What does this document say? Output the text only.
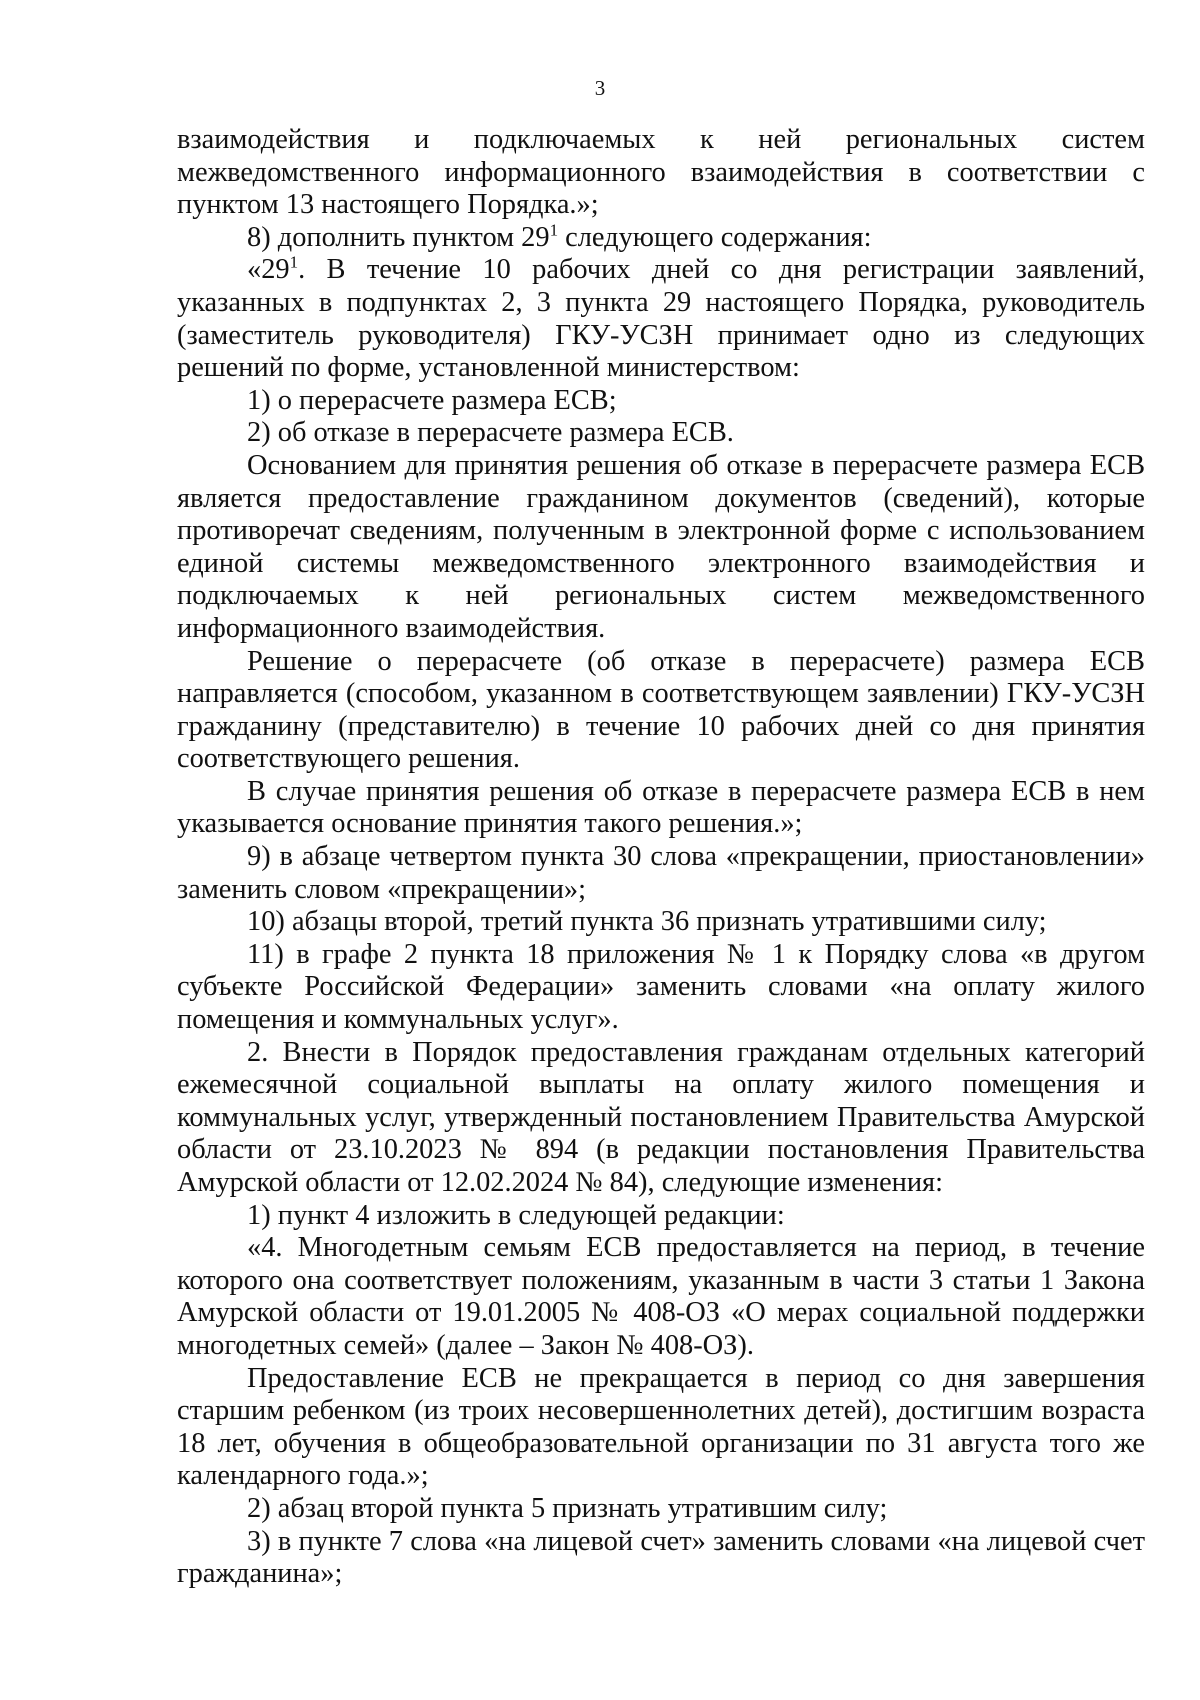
3

взаимодействия и подключаемых к ней региональных систем межведомственного информационного взаимодействия в соответствии с пунктом 13 настоящего Порядка.»;

8) дополнить пунктом $29^1$ следующего содержания:

«$29^1$. В течение 10 рабочих дней со дня регистрации заявлений, указанных в подпунктах 2, 3 пункта 29 настоящего Порядка, руководитель (заместитель руководителя) ГКУ-УСЗН принимает одно из следующих решений по форме, установленной министерством:

1) о перерасчете размера ЕСВ;

2) об отказе в перерасчете размера ЕСВ.

Основанием для принятия решения об отказе в перерасчете размера ЕСВ является предоставление гражданином документов (сведений), которые противоречат сведениям, полученным в электронной форме с использованием единой системы межведомственного электронного взаимодействия и подключаемых к ней региональных систем межведомственного информационного взаимодействия.

Решение о перерасчете (об отказе в перерасчете) размера ЕСВ направляется (способом, указанном в соответствующем заявлении) ГКУ-УСЗН гражданину (представителю) в течение 10 рабочих дней со дня принятия соответствующего решения.

В случае принятия решения об отказе в перерасчете размера ЕСВ в нем указывается основание принятия такого решения.»;

9) в абзаце четвертом пункта 30 слова «прекращении, приостановлении» заменить словом «прекращении»;

10) абзацы второй, третий пункта 36 признать утратившими силу;

11) в графе 2 пункта 18 приложения № 1 к Порядку слова «в другом субъекте Российской Федерации» заменить словами «на оплату жилого помещения и коммунальных услуг».

2. Внести в Порядок предоставления гражданам отдельных категорий ежемесячной социальной выплаты на оплату жилого помещения и коммунальных услуг, утвержденный постановлением Правительства Амурской области от 23.10.2023 № 894 (в редакции постановления Правительства Амурской области от 12.02.2024 № 84), следующие изменения:

1) пункт 4 изложить в следующей редакции:

«4. Многодетным семьям ЕСВ предоставляется на период, в течение которого она соответствует положениям, указанным в части 3 статьи 1 Закона Амурской области от 19.01.2005 № 408-ОЗ «О мерах социальной поддержки многодетных семей» (далее – Закон № 408-ОЗ).

Предоставление ЕСВ не прекращается в период со дня завершения старшим ребенком (из троих несовершеннолетних детей), достигшим возраста 18 лет, обучения в общеобразовательной организации по 31 августа того же календарного года.»;

2) абзац второй пункта 5 признать утратившим силу;

3) в пункте 7 слова «на лицевой счет» заменить словами «на лицевой счет гражданина»;
